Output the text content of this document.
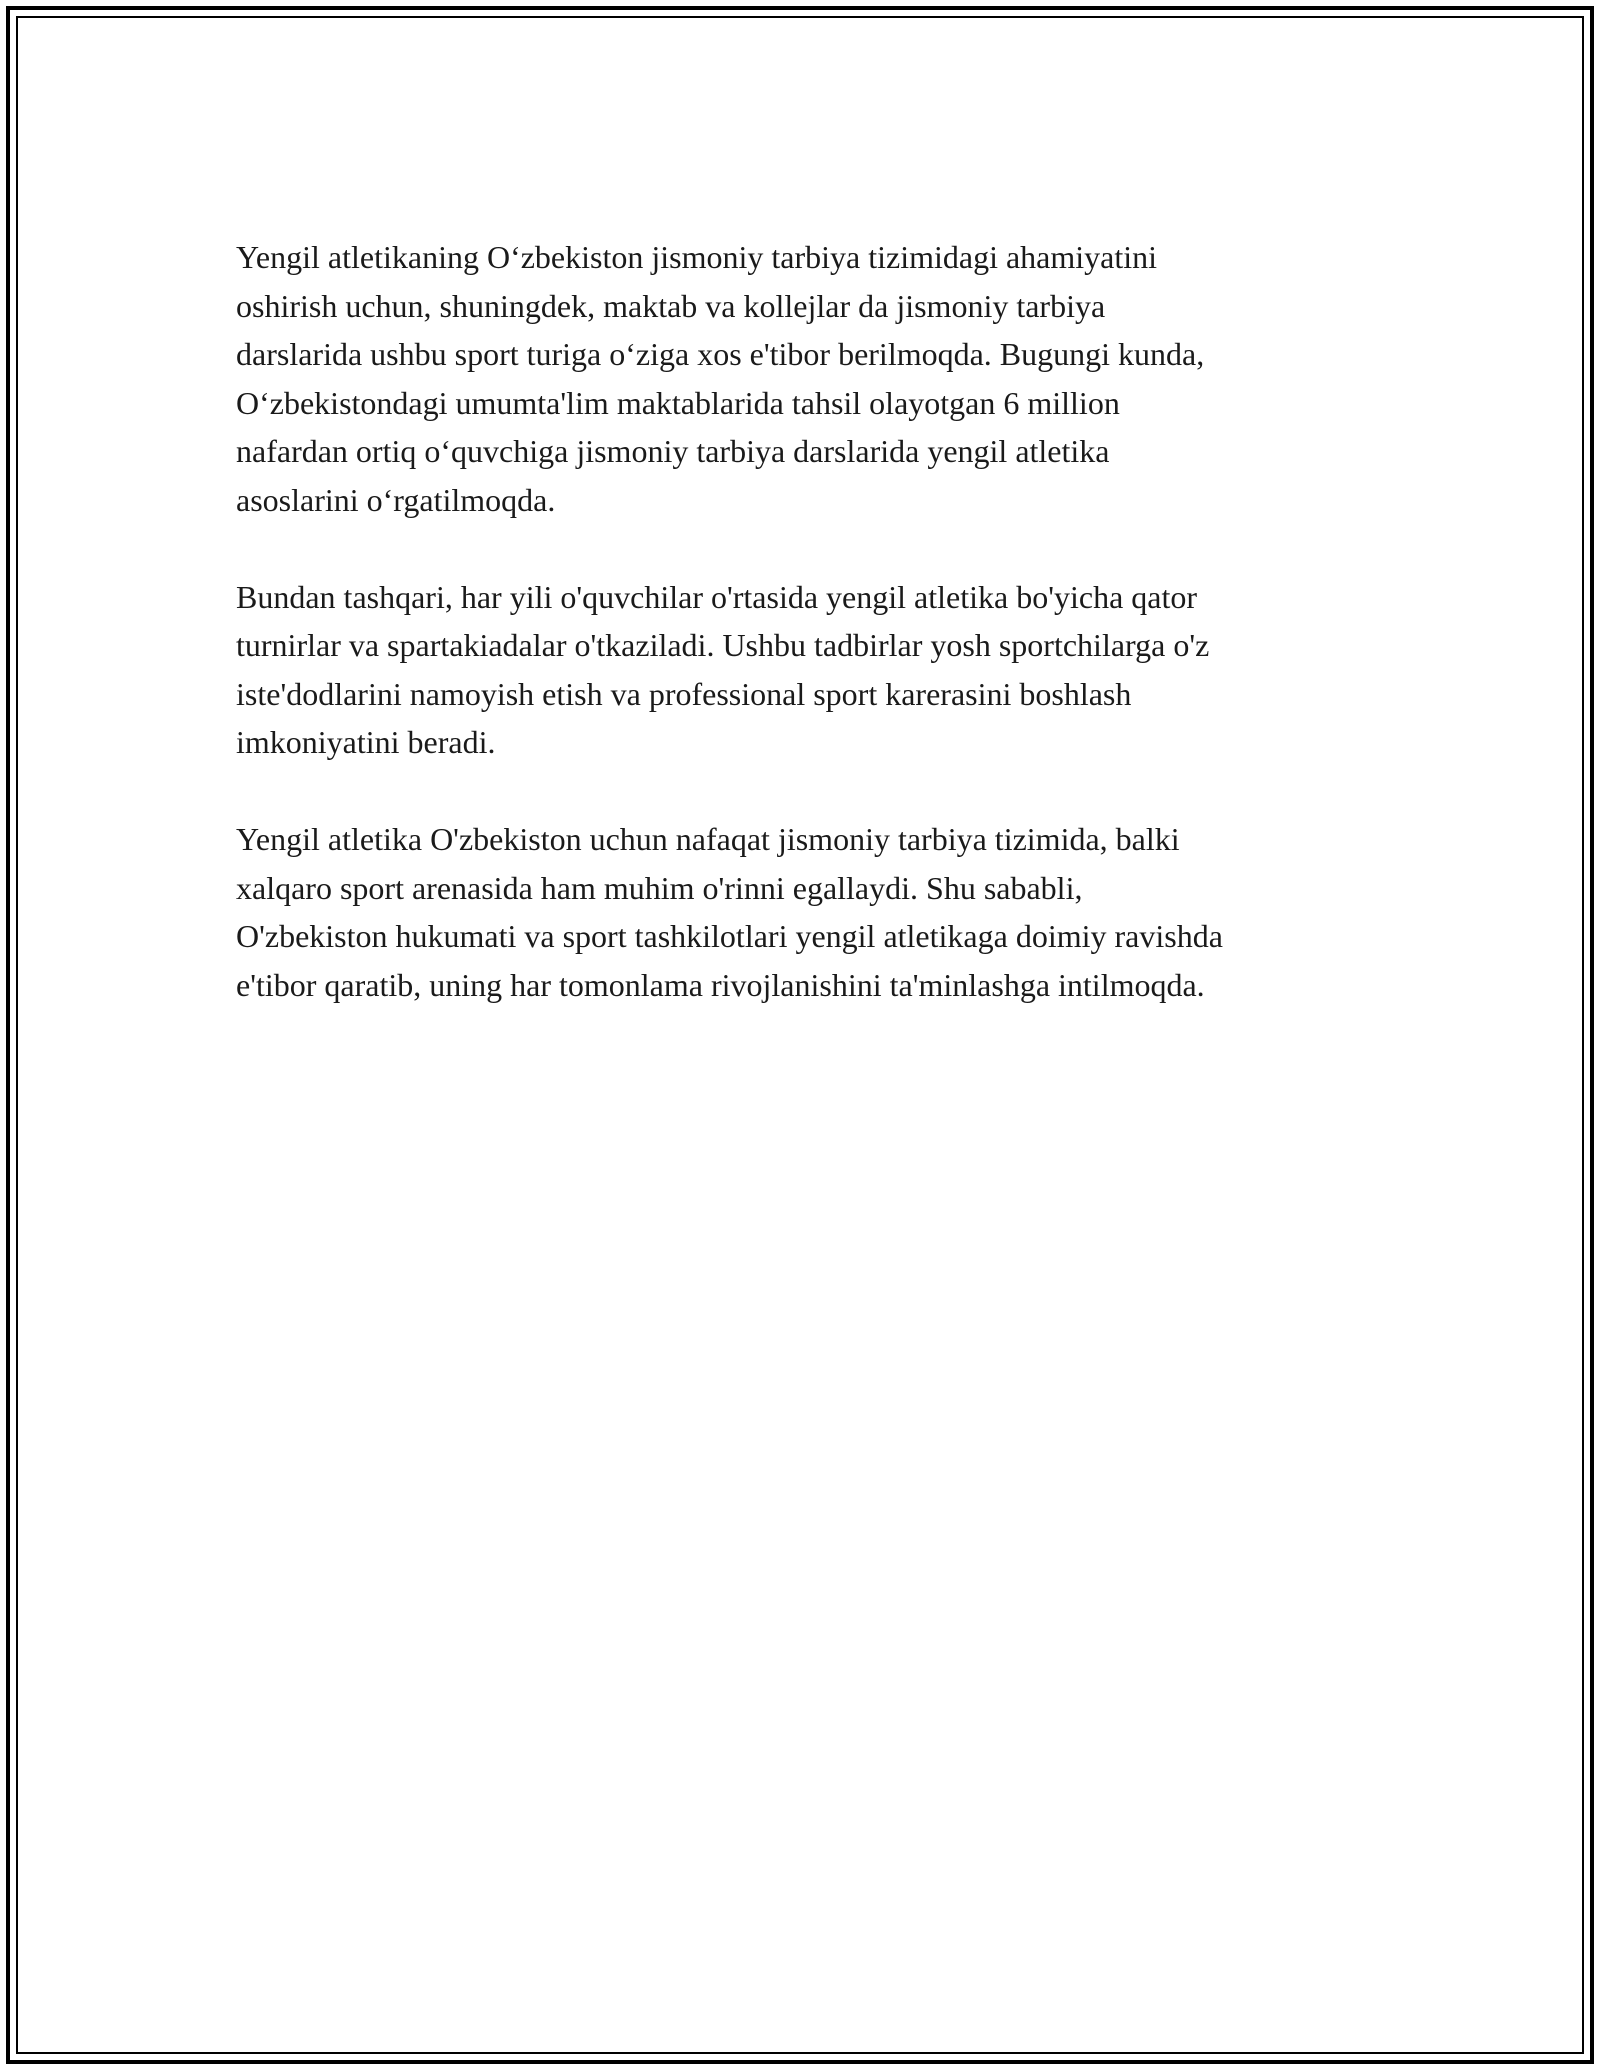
Yengil atletikaning O‘zbekiston jismoniy tarbiya tizimidagi ahamiyatini
oshirish uchun, shuningdek, maktab va kollejlar da jismoniy tarbiya
darslarida ushbu sport turiga o‘ziga xos e'tibor berilmoqda. Bugungi kunda,
O‘zbekistondagi umumta'lim maktablarida tahsil olayotgan 6 million
nafardan ortiq o‘quvchiga jismoniy tarbiya darslarida yengil atletika
asoslarini o‘rgatilmoqda.

Bundan tashqari, har yili o'quvchilar o'rtasida yengil atletika bo'yicha qator
turnirlar va spartakiadalar o'tkaziladi. Ushbu tadbirlar yosh sportchilarga o'z
iste'dodlarini namoyish etish va professional sport karerasini boshlash
imkoniyatini beradi.

Yengil atletika O'zbekiston uchun nafaqat jismoniy tarbiya tizimida, balki
xalqaro sport arenasida ham muhim o'rinni egallaydi. Shu sababli,
O'zbekiston hukumati va sport tashkilotlari yengil atletikaga doimiy ravishda
e'tibor qaratib, uning har tomonlama rivojlanishini ta'minlashga intilmoqda.
